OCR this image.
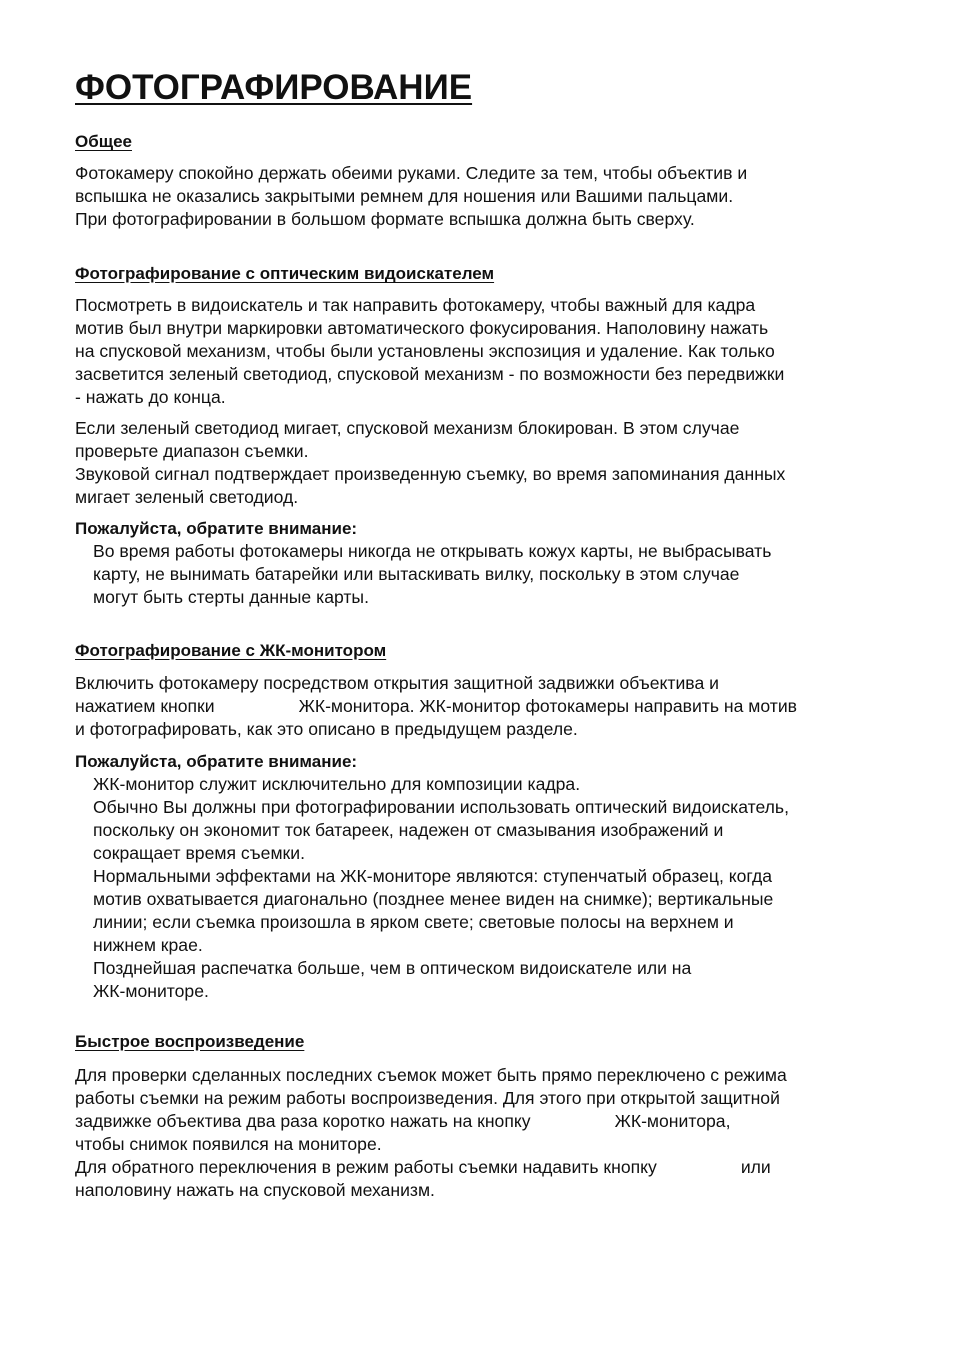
ФОТОГРАФИРОВАНИЕ
Общее

Фотокамеру спокойно держать обеими руками. Следите за тем, чтобы объектив и
вспышка не оказались закрытыми ремнем для ношения или Вашими пальцами.
При фотографировании в большом формате вспышка должна быть сверху.

Фотографирование с оптическим видоискателем

Посмотреть в видоискатель и так направить фотокамеру, чтобы важный для кадра
мотив был внутри маркировки автоматического фокусирования. Наполовину нажать
на спусковой механизм, чтобы были установлены экспозиция и удаление. Как только
засветится зеленый светодиод, спусковой механизм - по возможности без передвижки
- нажать до конца.

Если зеленый светодиод мигает, спусковой механизм блокирован. В этом случае
проверьте диапазон съемки.
Звуковой сигнал подтверждает произведенную съемку, во время запоминания данных
мигает зеленый светодиод.

Пожалуйста, обратите внимание:

Во время работы фотокамеры никогда не открывать кожух карты, не выбрасывать
карту, не вынимать батарейки или вытаскивать вилку, поскольку в этом случае
могут быть стерты данные карты.

Фотографирование с ЖК-монитором

Включить фотокамеру посредством открытия защитной задвижки объектива и
нажатием кнопки	ЖК-монитора. ЖК-монитор фотокамеры направить на мотив
и фотографировать, как это описано в предыдущем разделе.

Пожалуйста, обратите внимание:

ЖК-монитор служит исключительно для композиции кадра.
Обычно Вы должны при фотографировании использовать оптический видоискатель,
поскольку он экономит ток батареек, надежен от смазывания изображений и
сокращает время съемки.
Нормальными эффектами на ЖК-мониторе являются: ступенчатый образец, когда
мотив охватывается диагонально (позднее менее виден на снимке); вертикальные
линии; если съемка произошла в ярком свете; световые полосы на верхнем и
нижнем крае.
Позднейшая распечатка больше, чем в оптическом видоискателе или на
ЖК-мониторе.

Быстрое воспроизведение

Для проверки сделанных последних съемок может быть прямо переключено с режима
работы съемки на режим работы воспроизведения. Для этого при открытой защитной
задвижке объектива два раза коротко нажать на кнопку	ЖК-монитора,
чтобы снимок появился на мониторе.
Для обратного переключения в режим работы съемки надавить кнопку	или
наполовину нажать на спусковой механизм.
